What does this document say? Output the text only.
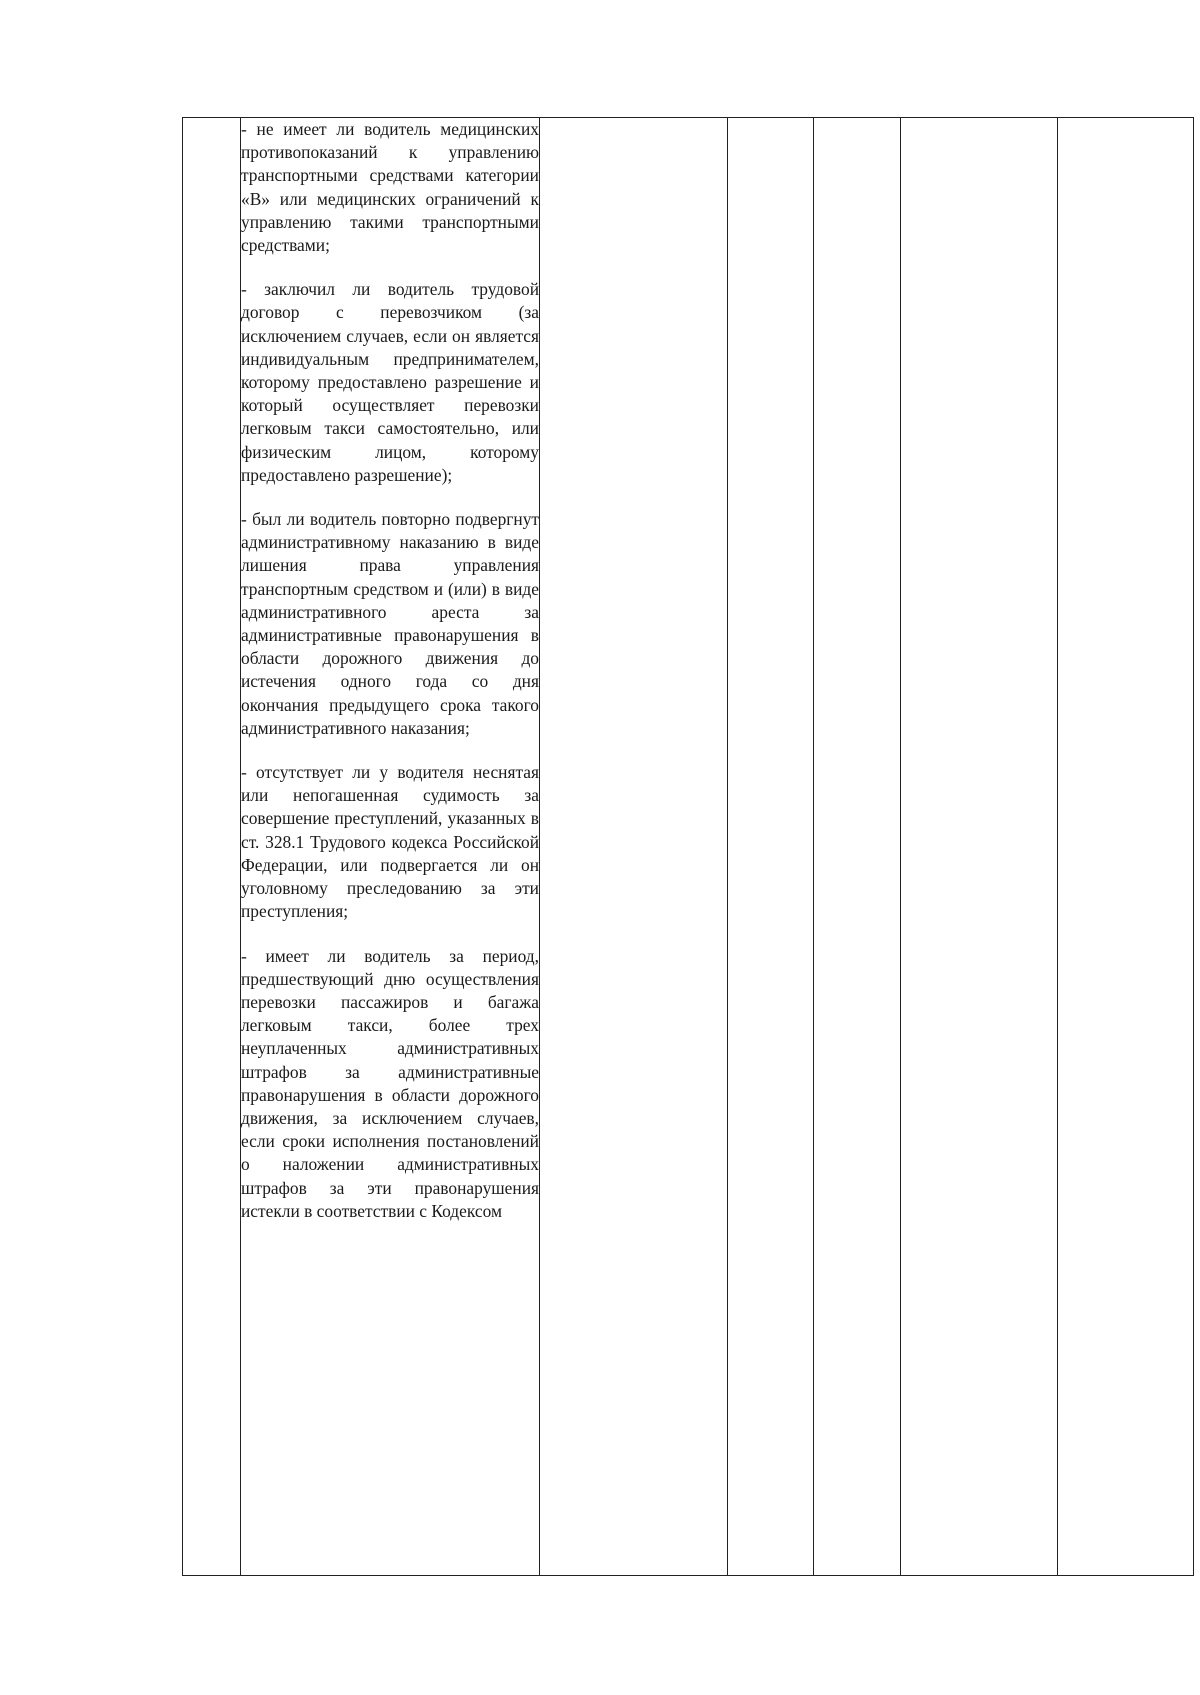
- не имеет ли водитель медицинских противопоказаний к управлению транспортными средствами категории «В» или медицинских ограничений к управлению такими транспортными средствами;

- заключил ли водитель трудовой договор с перевозчиком (за исключением случаев, если он является индивидуальным предпринимателем, которому предоставлено разрешение и который осуществляет перевозки легковым такси самостоятельно, или физическим лицом, которому предоставлено разрешение);

- был ли водитель повторно подвергнут административному наказанию в виде лишения права управления транспортным средством и (или) в виде административного ареста за административные правонарушения в области дорожного движения до истечения одного года со дня окончания предыдущего срока такого административного наказания;

- отсутствует ли у водителя неснятая или непогашенная судимость за совершение преступлений, указанных в ст. 328.1 Трудового кодекса Российской Федерации, или подвергается ли он уголовному преследованию за эти преступления;

- имеет ли водитель за период, предшествующий дню осуществления перевозки пассажиров и багажа легковым такси, более трех неуплаченных административных штрафов за административные правонарушения в области дорожного движения, за исключением случаев, если сроки исполнения постановлений о наложении административных штрафов за эти правонарушения истекли в соответствии с Кодексом
